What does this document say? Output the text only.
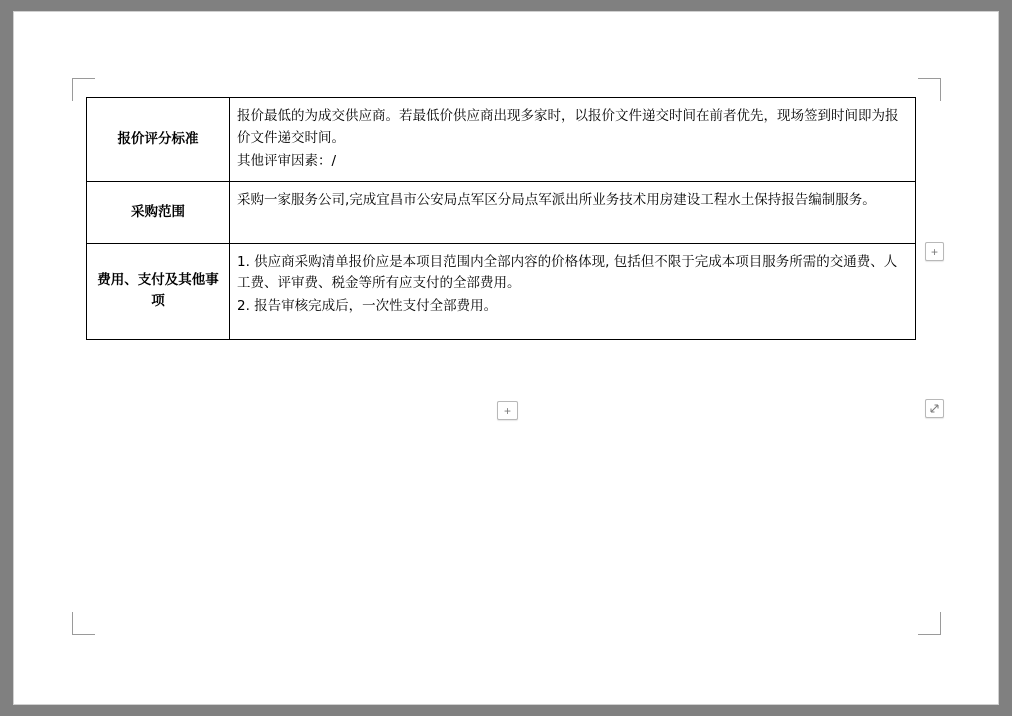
报价评分标准	报价最低的为成交供应商。若最低价供应商出现多家时，以报价文件递交时间在前者优先，现场签到时间即为报价文件递交时间。

其他评审因素：/

采购范围	采购一家服务公司,完成宜昌市公安局点军区分局点军派出所业务技术用房建设工程水土保持报告编制服务。

费用、支付及其他事项	1. 供应商采购清单报价应是本项目范围内全部内容的价格体现, 包括但不限于完成本项目服务所需的交通费、人工费、评审费、税金等所有应支付的全部费用。

2. 报告审核完成后，一次性支付全部费用。

+
+
